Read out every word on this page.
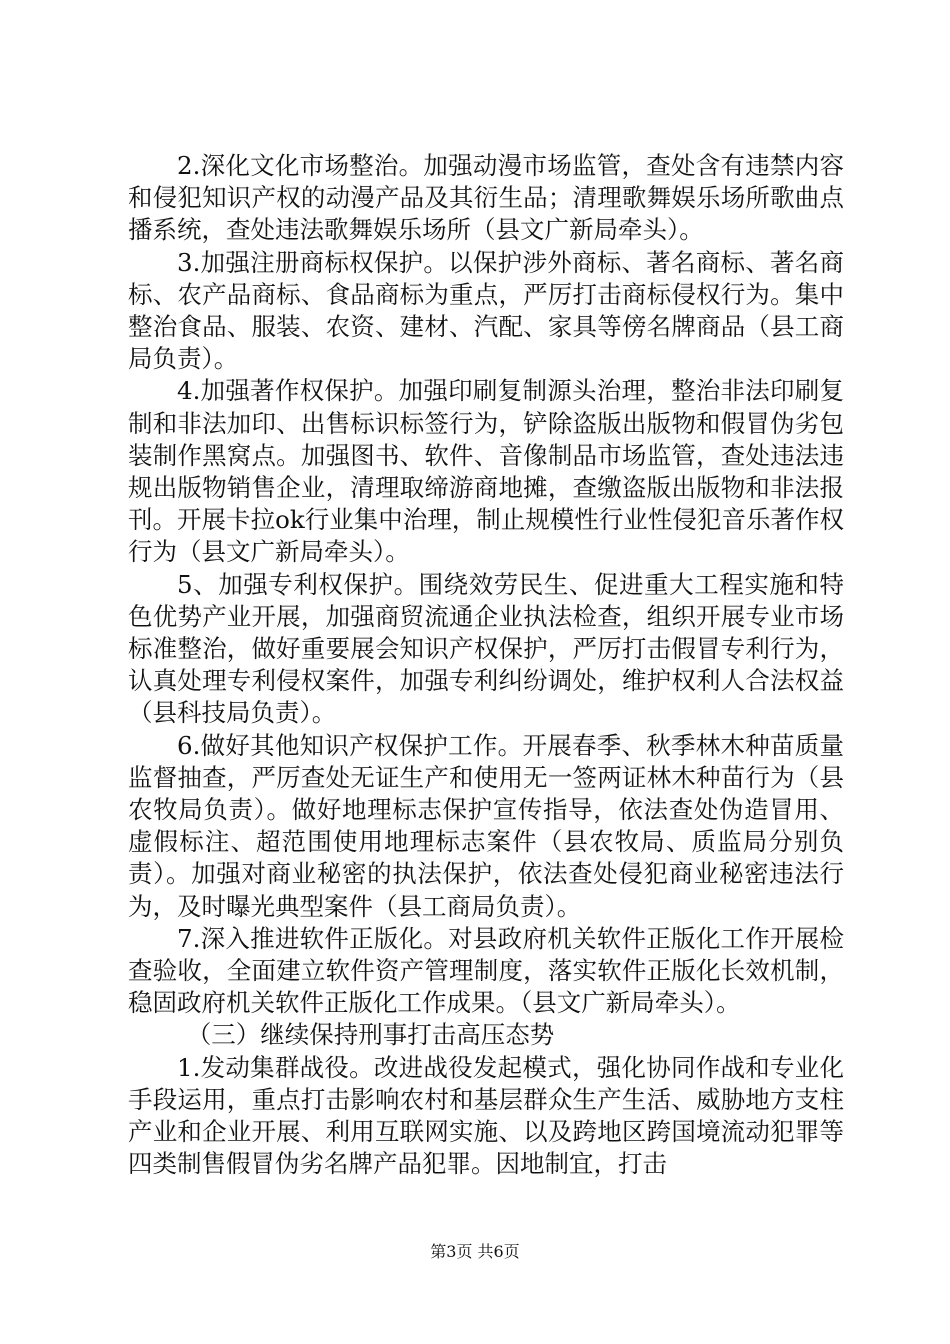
2.深化文化市场整治。加强动漫市场监管，查处含有违禁内容和侵犯知识产权的动漫产品及其衍生品；清理歌舞娱乐场所歌曲点播系统，查处违法歌舞娱乐场所（县文广新局牵头）。

3.加强注册商标权保护。以保护涉外商标、著名商标、著名商标、农产品商标、食品商标为重点，严厉打击商标侵权行为。集中整治食品、服装、农资、建材、汽配、家具等傍名牌商品（县工商局负责）。

4.加强著作权保护。加强印刷复制源头治理，整治非法印刷复制和非法加印、出售标识标签行为，铲除盗版出版物和假冒伪劣包装制作黑窝点。加强图书、软件、音像制品市场监管，查处违法违规出版物销售企业，清理取缔游商地摊，查缴盗版出版物和非法报刊。开展卡拉ok行业集中治理，制止规模性行业性侵犯音乐著作权行为（县文广新局牵头）。

5、加强专利权保护。围绕效劳民生、促进重大工程实施和特色优势产业开展，加强商贸流通企业执法检查，组织开展专业市场标准整治，做好重要展会知识产权保护，严厉打击假冒专利行为，认真处理专利侵权案件，加强专利纠纷调处，维护权利人合法权益（县科技局负责）。

6.做好其他知识产权保护工作。开展春季、秋季林木种苗质量监督抽查，严厉查处无证生产和使用无一签两证林木种苗行为（县农牧局负责）。做好地理标志保护宣传指导，依法查处伪造冒用、虚假标注、超范围使用地理标志案件（县农牧局、质监局分别负责）。加强对商业秘密的执法保护，依法查处侵犯商业秘密违法行为，及时曝光典型案件（县工商局负责）。

7.深入推进软件正版化。对县政府机关软件正版化工作开展检查验收，全面建立软件资产管理制度，落实软件正版化长效机制，稳固政府机关软件正版化工作成果。（县文广新局牵头）。

（三）继续保持刑事打击高压态势

1.发动集群战役。改进战役发起模式，强化协同作战和专业化手段运用，重点打击影响农村和基层群众生产生活、威胁地方支柱产业和企业开展、利用互联网实施、以及跨地区跨国境流动犯罪等四类制售假冒伪劣名牌产品犯罪。因地制宜，打击

第3页 共6页
